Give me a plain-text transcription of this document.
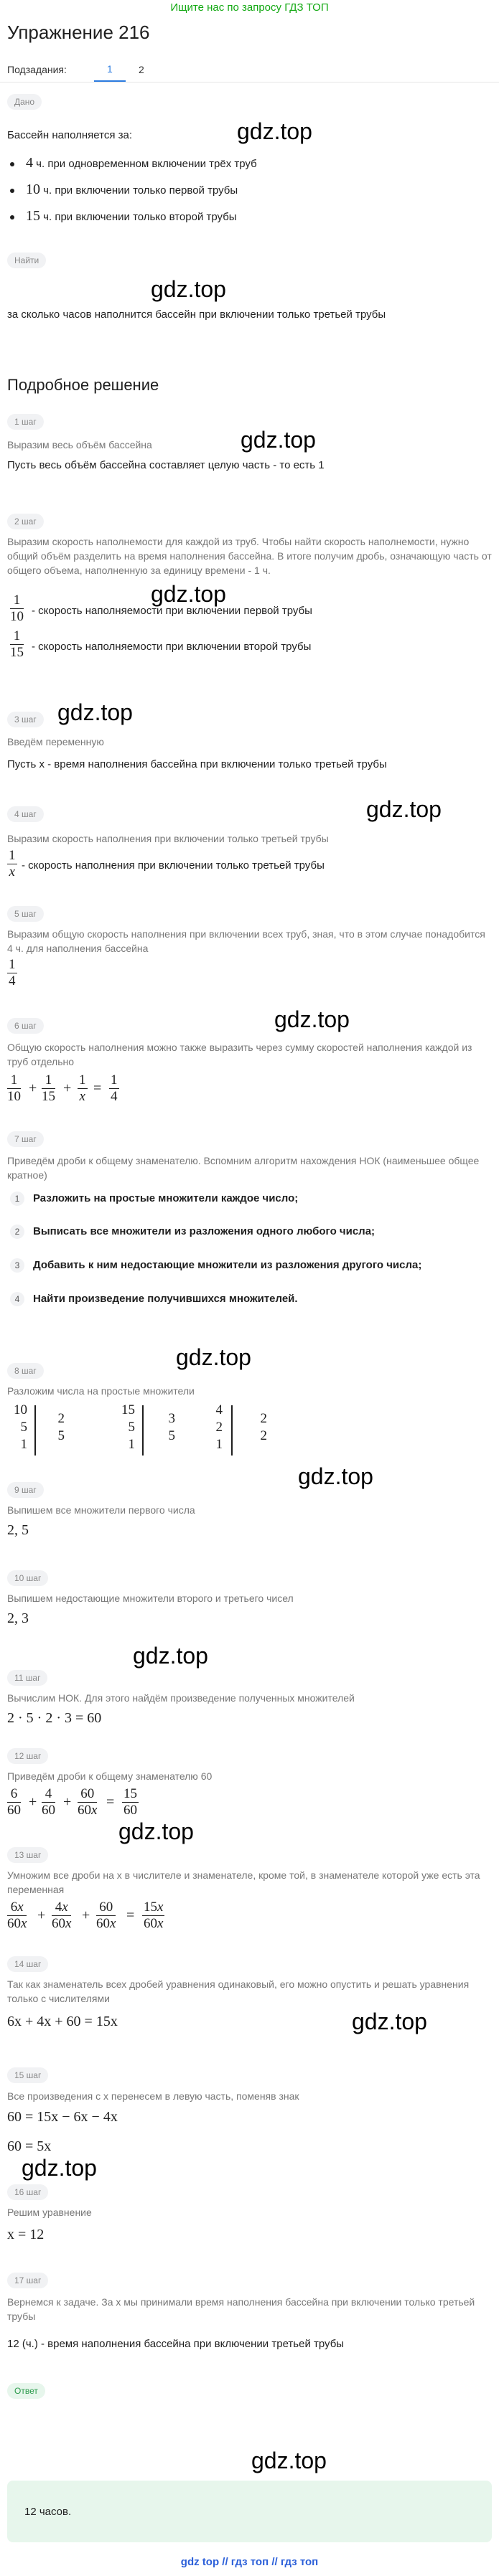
Ищите нас по запросу ГДЗ ТОП
Упражнение 216
Подзадания:	1	2
Дано
gdz.top
Бассейн наполняется за:
4 ч. при одновременном включении трёх труб
10 ч. при включении только первой трубы
15 ч. при включении только второй трубы
Найти
gdz.top
за сколько часов наполнится бассейн при включении только третьей трубы
Подробное решение
1 шаг
gdz.top
Выразим весь объём бассейна
Пусть весь объём бассейна составляет целую часть - то есть 1
2 шаг
Выразим скорость наполнемости для каждой из труб. Чтобы найти скорость наполнемости, нужно общий объём разделить на время наполнения бассейна. В итоге получим дробь, означающую часть от общего объема, наполненную за единицу времени - 1 ч.
gdz.top
$\frac{1}{10}$ - скорость наполняемости при включении первой трубы
$\frac{1}{15}$ - скорость наполняемости при включении второй трубы
3 шаг gdz.top
Введём переменную
Пусть x - время наполнения бассейна при включении только третьей трубы
4 шаг	gdz.top
Выразим скорость наполнения при включении только третьей трубы
$\frac{1}{x}$ - скорость наполнения при включении только третьей трубы
5 шаг
Выразим общую скорость наполнения при включении всех труб, зная, что в этом случае понадобится 4 ч. для наполнения бассейна
$\frac{1}{4}$
6 шаг	gdz.top
Общую скорость наполнения можно также выразить через сумму скоростей наполнения каждой из труб отдельно
$\frac{1}{10} + \frac{1}{15} + \frac{1}{x} = \frac{1}{4}$
7 шаг
Приведём дроби к общему знаменателю. Вспомним алгоритм нахождения НОК (наименьшее общее кратное)
1	Разложить на простые множители каждое число;
2	Выписать все множители из разложения одного любого числа;
3	Добавить к ним недостающие множители из разложения другого числа;
4	Найти произведение получившихся множителей.
gdz.top
8 шаг
Разложим числа на простые множители
10
5
1
2
5
15
5
1
3
5
4
2
1
2
2
gdz.top
9 шаг
Выпишем все множители первого числа
2, 5
10 шаг
Выпишем недостающие множители второго и третьего чисел
2, 3
gdz.top
11 шаг
Вычислим НОК. Для этого найдём произведение полученных множителей
2 · 5 · 2 · 3 = 60
12 шаг
Приведём дроби к общему знаменателю 60
$\frac{6}{60} + \frac{4}{60} + \frac{60}{60x} = \frac{15}{60}$
gdz.top
13 шаг
Умножим все дроби на x в числителе и знаменателе, кроме той, в знаменателе которой уже есть эта переменная
$\frac{6x}{60x} + \frac{4x}{60x} + \frac{60}{60x} = \frac{15x}{60x}$
14 шаг
Так как знаменатель всех дробей уравнения одинаковый, его можно опустить и решать уравнения только с числителями
gdz.top
6x + 4x + 60 = 15x
15 шаг
Все произведения с x перенесем в левую часть, поменяв знак
60 = 15x − 6x − 4x
60 = 5x
gdz.top
16 шаг
Решим уравнение
x = 12
17 шаг
Вернемся к задаче. За x мы принимали время наполнения бассейна при включении только третьей трубы
12 (ч.) - время наполнения бассейна при включении третьей трубы
Ответ
gdz.top
12 часов.
gdz top // гдз топ // гдз топ
